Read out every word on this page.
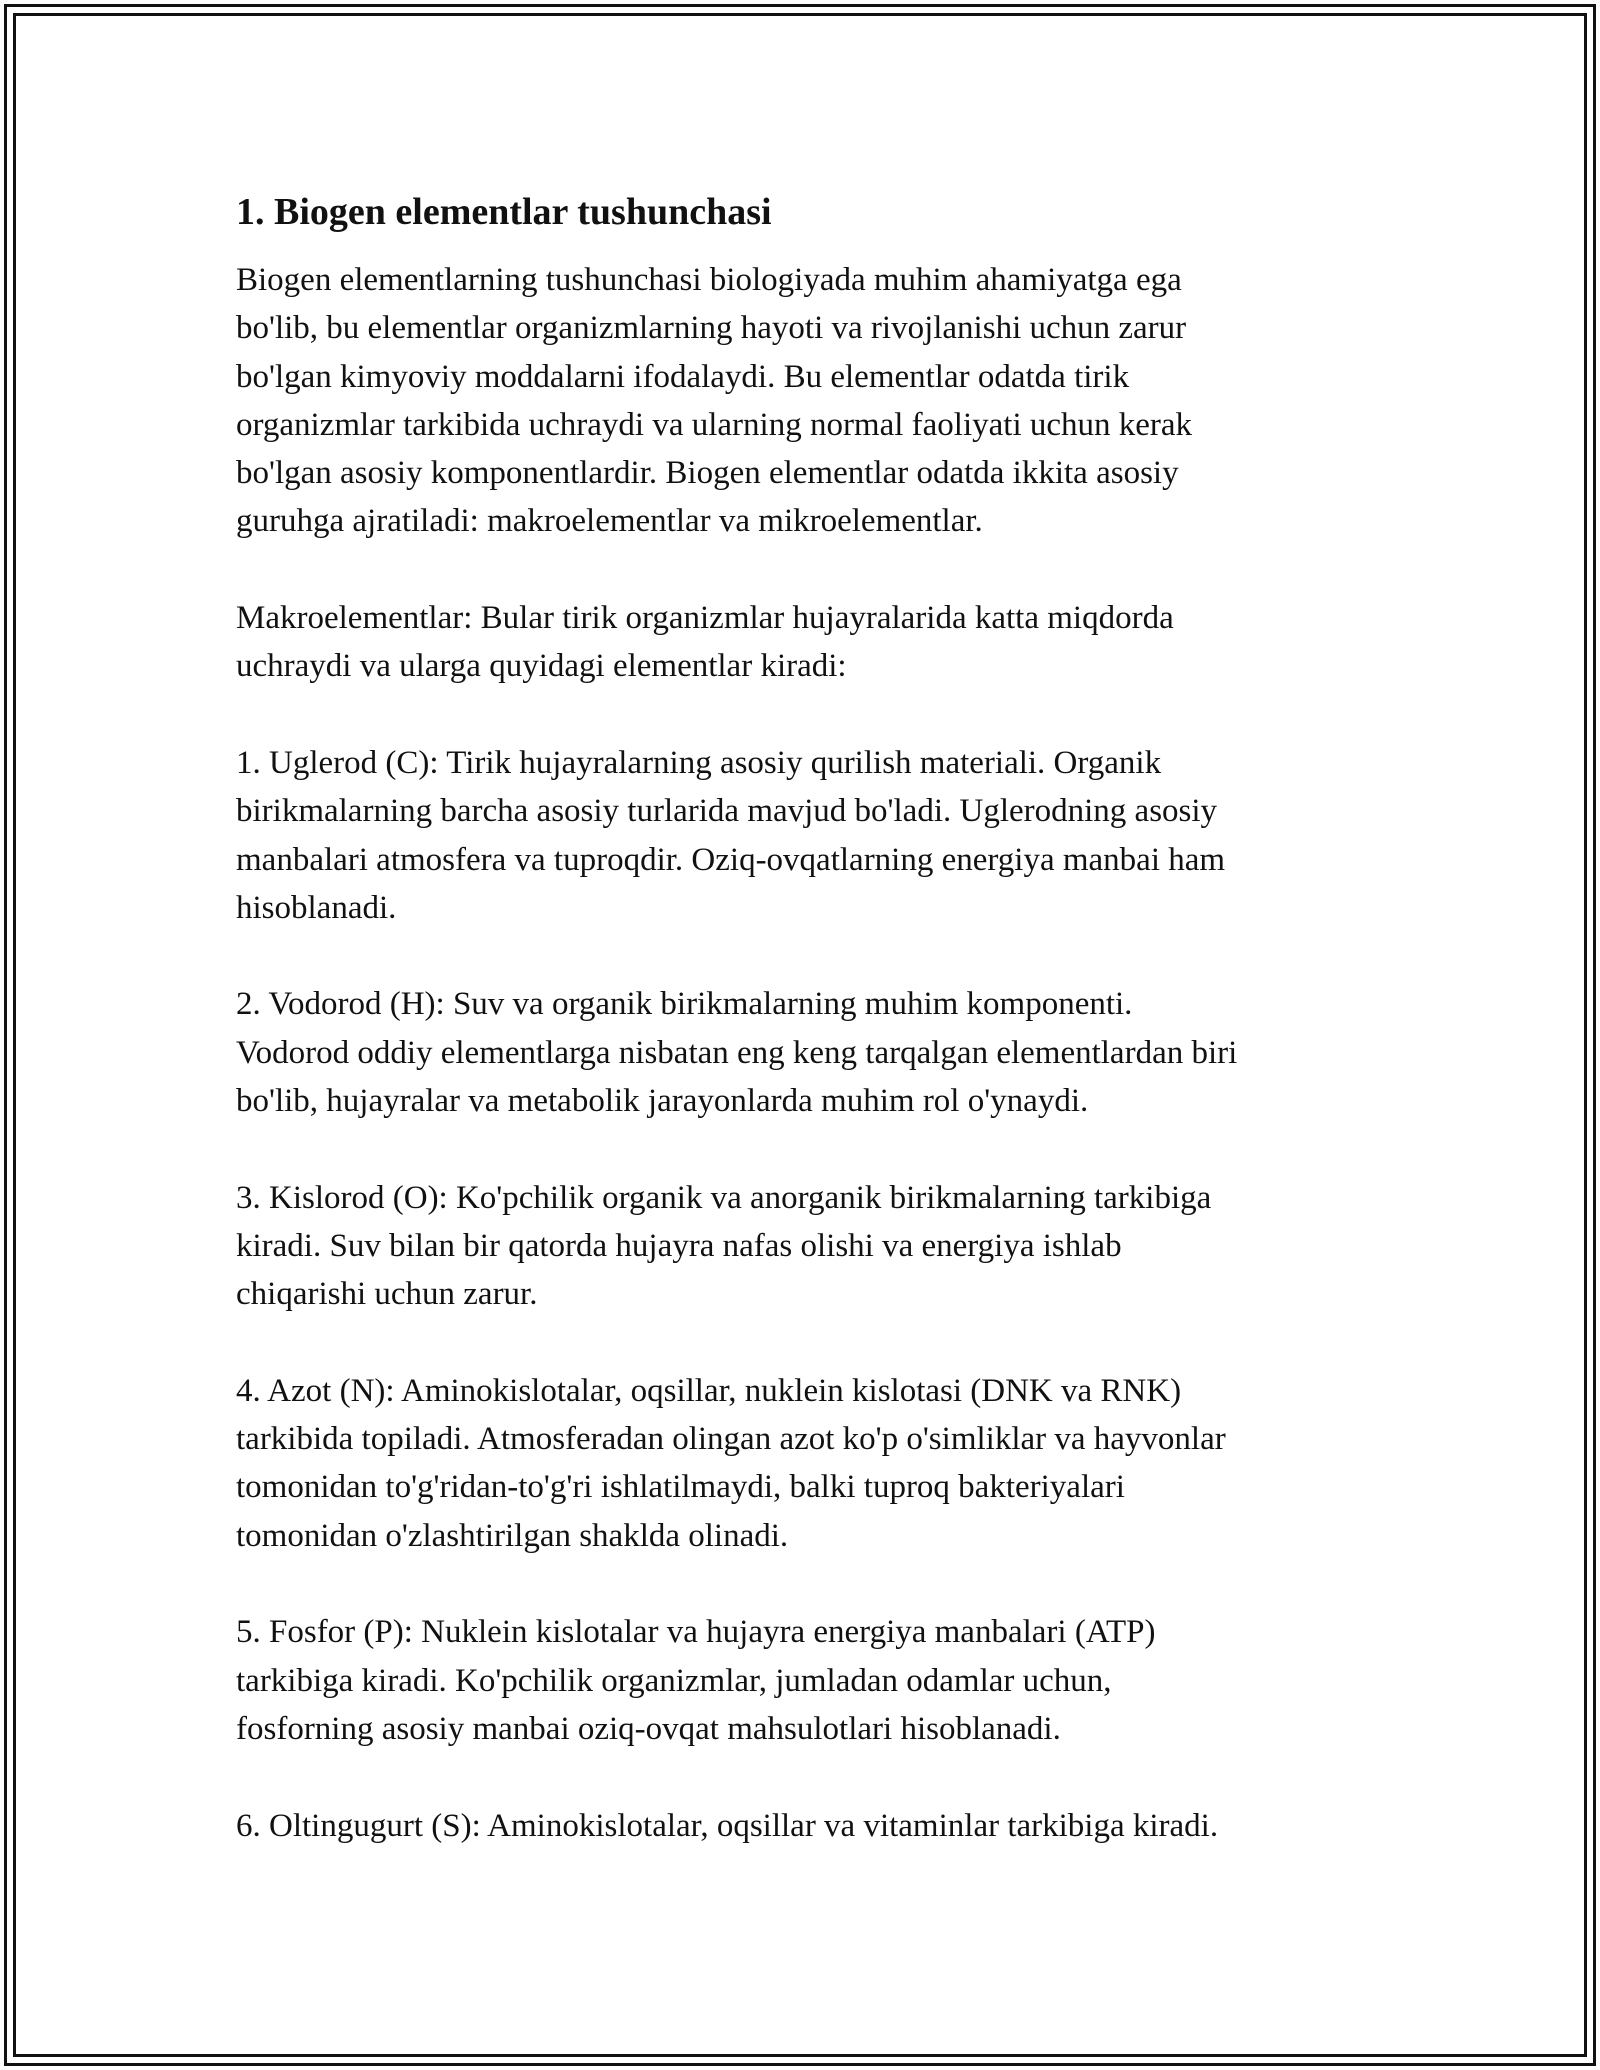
1. Biogen elementlar tushunchasi

Biogen elementlarning tushunchasi biologiyada muhim ahamiyatga ega
bo'lib, bu elementlar organizmlarning hayoti va rivojlanishi uchun zarur
bo'lgan kimyoviy moddalarni ifodalaydi. Bu elementlar odatda tirik
organizmlar tarkibida uchraydi va ularning normal faoliyati uchun kerak
bo'lgan asosiy komponentlardir. Biogen elementlar odatda ikkita asosiy
guruhga ajratiladi: makroelementlar va mikroelementlar.

Makroelementlar: Bular tirik organizmlar hujayralarida katta miqdorda
uchraydi va ularga quyidagi elementlar kiradi:

1. Uglerod (C): Tirik hujayralarning asosiy qurilish materiali. Organik
birikmalarning barcha asosiy turlarida mavjud bo'ladi. Uglerodning asosiy
manbalari atmosfera va tuproqdir. Oziq-ovqatlarning energiya manbai ham
hisoblanadi.

2. Vodorod (H): Suv va organik birikmalarning muhim komponenti.
Vodorod oddiy elementlarga nisbatan eng keng tarqalgan elementlardan biri
bo'lib, hujayralar va metabolik jarayonlarda muhim rol o'ynaydi.

3. Kislorod (O): Ko'pchilik organik va anorganik birikmalarning tarkibiga
kiradi. Suv bilan bir qatorda hujayra nafas olishi va energiya ishlab
chiqarishi uchun zarur.

4. Azot (N): Aminokislotalar, oqsillar, nuklein kislotasi (DNK va RNK)
tarkibida topiladi. Atmosferadan olingan azot ko'p o'simliklar va hayvonlar
tomonidan to'g'ridan-to'g'ri ishlatilmaydi, balki tuproq bakteriyalari
tomonidan o'zlashtirilgan shaklda olinadi.

5. Fosfor (P): Nuklein kislotalar va hujayra energiya manbalari (ATP)
tarkibiga kiradi. Ko'pchilik organizmlar, jumladan odamlar uchun,
fosforning asosiy manbai oziq-ovqat mahsulotlari hisoblanadi.

6. Oltingugurt (S): Aminokislotalar, oqsillar va vitaminlar tarkibiga kiradi.
